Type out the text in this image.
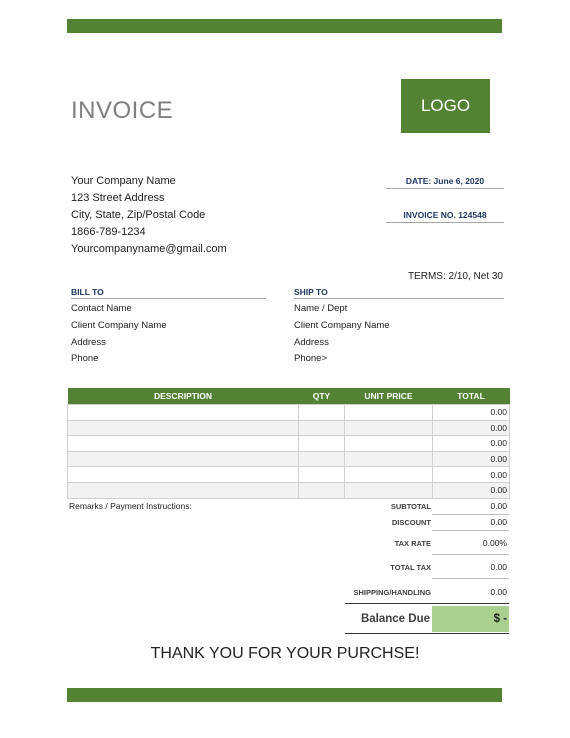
INVOICE	LOGO
Your Company Name
123 Street Address
City, State, Zip/Postal Code
1866-789-1234
Yourcompanyname@gmail.com
DATE: June 6, 2020
INVOICE NO. 124548
TERMS: 2/10, Net 30
BILL TO
Contact Name
Client Company Name
Address
Phone
SHIP TO
Name / Dept
Client Company Name
Address
Phone>
DESCRIPTION	QTY	UNIT PRICE	TOTAL
			0.00
			0.00
			0.00
			0.00
			0.00
			0.00
Remarks / Payment Instructions:	SUBTOTAL	0.00
DISCOUNT	0.00
TAX RATE	0.00%
TOTAL TAX	0.00
SHIPPING/HANDLING	0.00
Balance Due	$ -
THANK YOU FOR YOUR PURCHSE!
